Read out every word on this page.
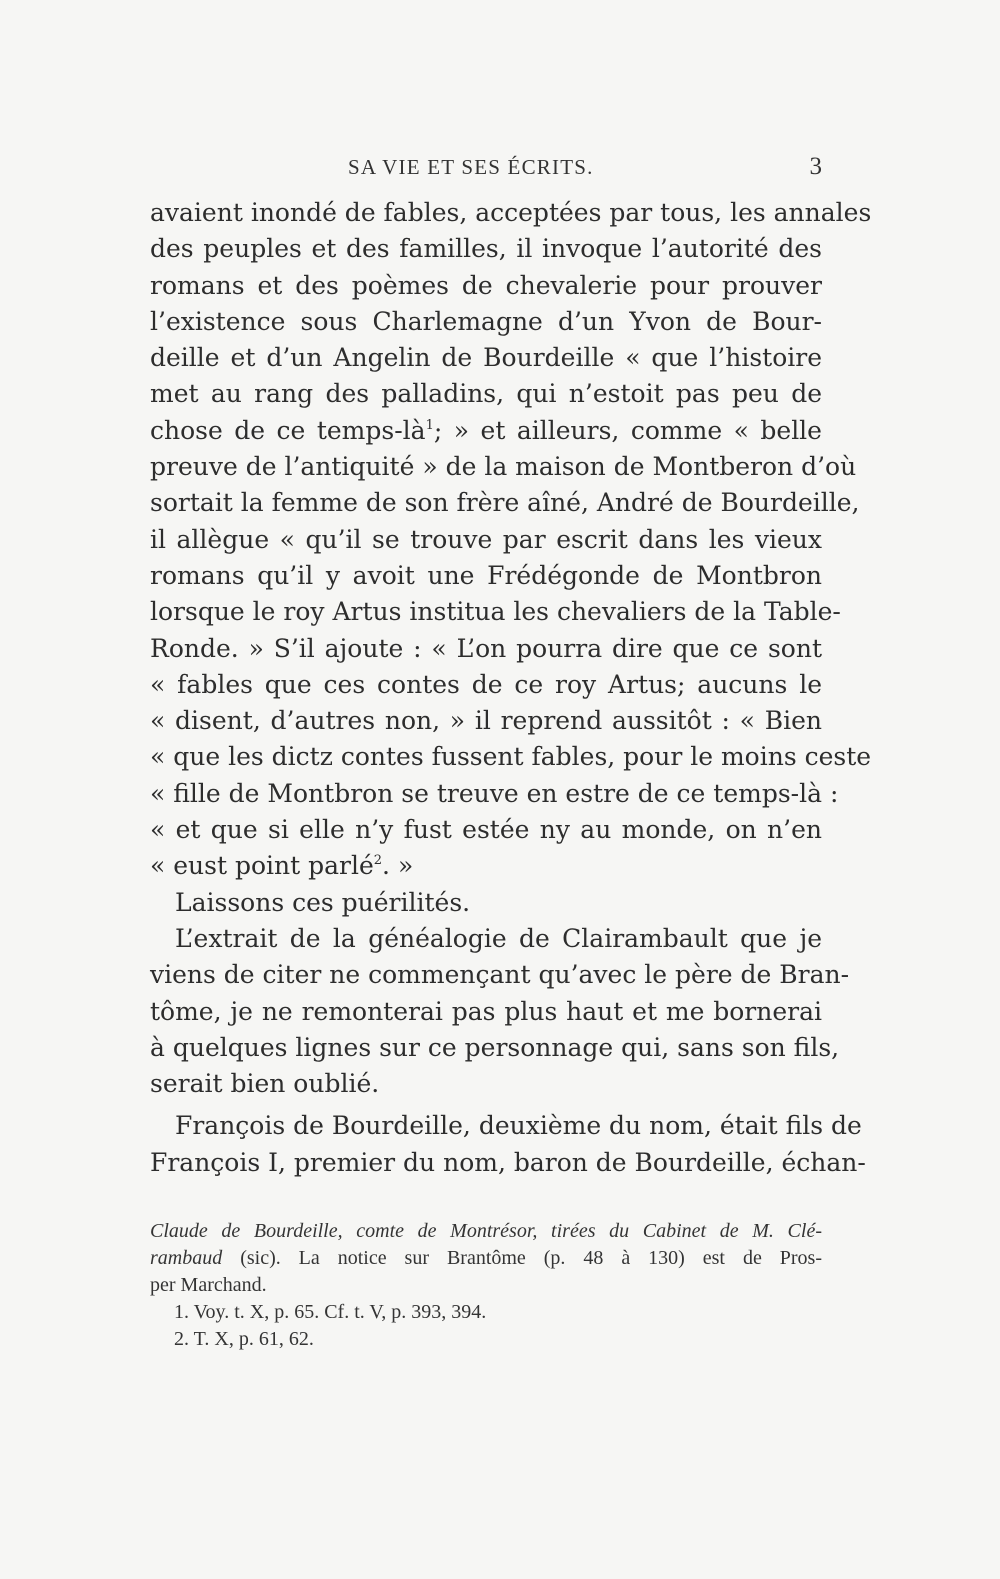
SA VIE ET SES ÉCRITS.	3
avaient inondé de fables, acceptées par tous, les annales
des peuples et des familles, il invoque l’autorité des
romans et des poèmes de chevalerie pour prouver
l’existence sous Charlemagne d’un Yvon de Bour-
deille et d’un Angelin de Bourdeille « que l’histoire
met au rang des palladins, qui n’estoit pas peu de
chose de ce temps-$là^1$; » et ailleurs, comme « belle
preuve de l’antiquité » de la maison de Montberon d’où
sortait la femme de son frère aîné, André de Bourdeille,
il allègue « qu’il se trouve par escrit dans les vieux
romans qu’il y avoit une Frédégonde de Montbron
lorsque le roy Artus institua les chevaliers de la Table-
Ronde. » S’il ajoute : « L’on pourra dire que ce sont
« fables que ces contes de ce roy Artus; aucuns le
« disent, d’autres non, » il reprend aussitôt : « Bien
« que les dictz contes fussent fables, pour le moins ceste
« fille de Montbron se treuve en estre de ce temps-là :
« et que si elle n’y fust estée ny au monde, on n’en
« eust point parlé$^2$. »
Laissons ces puérilités.
L’extrait de la généalogie de Clairambault que je
viens de citer ne commençant qu’avec le père de Bran-
tôme, je ne remonterai pas plus haut et me bornerai
à quelques lignes sur ce personnage qui, sans son fils,
serait bien oublié.
François de Bourdeille, deuxième du nom, était fils de
François I, premier du nom, baron de Bourdeille, échan-
Claude de Bourdeille, comte de Montrésor, tirées du Cabinet de M. Clé-
rambaud (sic). La notice sur Brantôme (p. 48 à 130) est de Pros-
per Marchand.
1. Voy. t. X, p. 65. Cf. t. V, p. 393, 394.
2. T. X, p. 61, 62.
